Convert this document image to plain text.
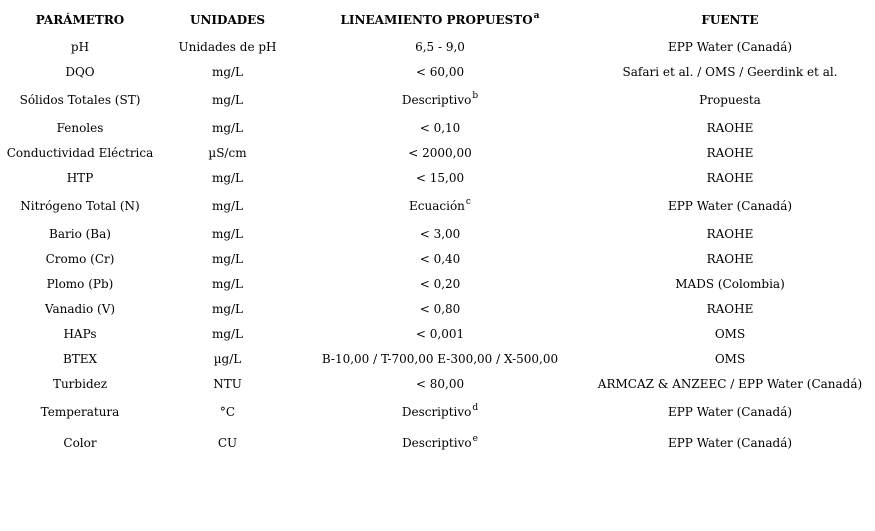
PARÁMETRO	UNIDADES	LINEAMIENTO PROPUESTO$^a$	FUENTE
pH	Unidades de pH	6,5 - 9,0	EPP Water (Canadá)
DQO	mg/L	< 60,00	Safari et al. / OMS / Geerdink et al.
Sólidos Totales (ST)	mg/L	Descriptivo$^b$	Propuesta
Fenoles	mg/L	< 0,10	RAOHE
Conductividad Eléctrica	µS/cm	< 2000,00	RAOHE
HTP	mg/L	< 15,00	RAOHE
Nitrógeno Total (N)	mg/L	Ecuación$^c$	EPP Water (Canadá)
Bario (Ba)	mg/L	< 3,00	RAOHE
Cromo (Cr)	mg/L	< 0,40	RAOHE
Plomo (Pb)	mg/L	< 0,20	MADS (Colombia)
Vanadio (V)	mg/L	< 0,80	RAOHE
HAPs	mg/L	< 0,001	OMS
BTEX	µg/L	B-10,00 / T-700,00 E-300,00 / X-500,00	OMS
Turbidez	NTU	< 80,00	ARMCAZ & ANZEEC / EPP Water (Canadá)
Temperatura	°C	Descriptivo$^d$	EPP Water (Canadá)
Color	CU	Descriptivo$^e$	EPP Water (Canadá)
